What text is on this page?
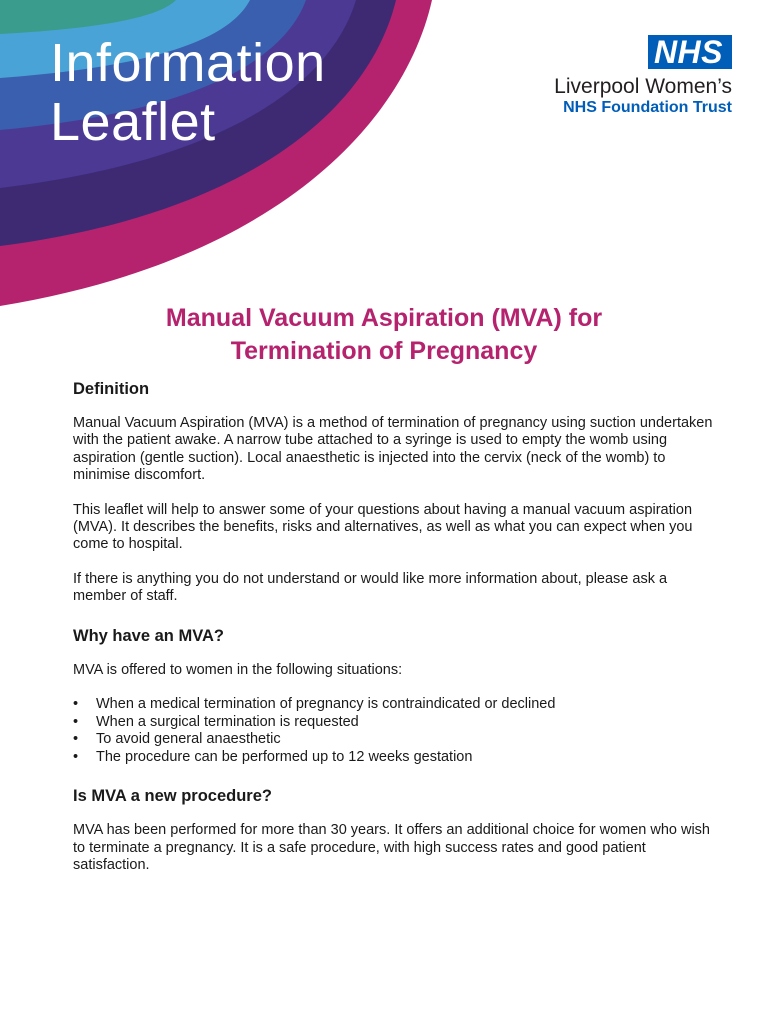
Information
Leaflet
NHS
Liverpool Women’s
NHS Foundation Trust
Manual Vacuum Aspiration (MVA) for
Termination of Pregnancy
Definition

Manual Vacuum Aspiration (MVA) is a method of termination of pregnancy using suction undertaken with the patient awake. A narrow tube attached to a syringe is used to empty the womb using aspiration (gentle suction). Local anaesthetic is injected into the cervix (neck of the womb) to minimise discomfort.

This leaflet will help to answer some of your questions about having a manual vacuum aspiration (MVA). It describes the benefits, risks and alternatives, as well as what you can expect when you come to hospital.

If there is anything you do not understand or would like more information about, please ask a member of staff.

Why have an MVA?

MVA is offered to women in the following situations:

• When a medical termination of pregnancy is contraindicated or declined
• When a surgical termination is requested
• To avoid general anaesthetic
• The procedure can be performed up to 12 weeks gestation
Is MVA a new procedure?

MVA has been performed for more than 30 years. It offers an additional choice for women who wish to terminate a pregnancy. It is a safe procedure, with high success rates and good patient satisfaction.
